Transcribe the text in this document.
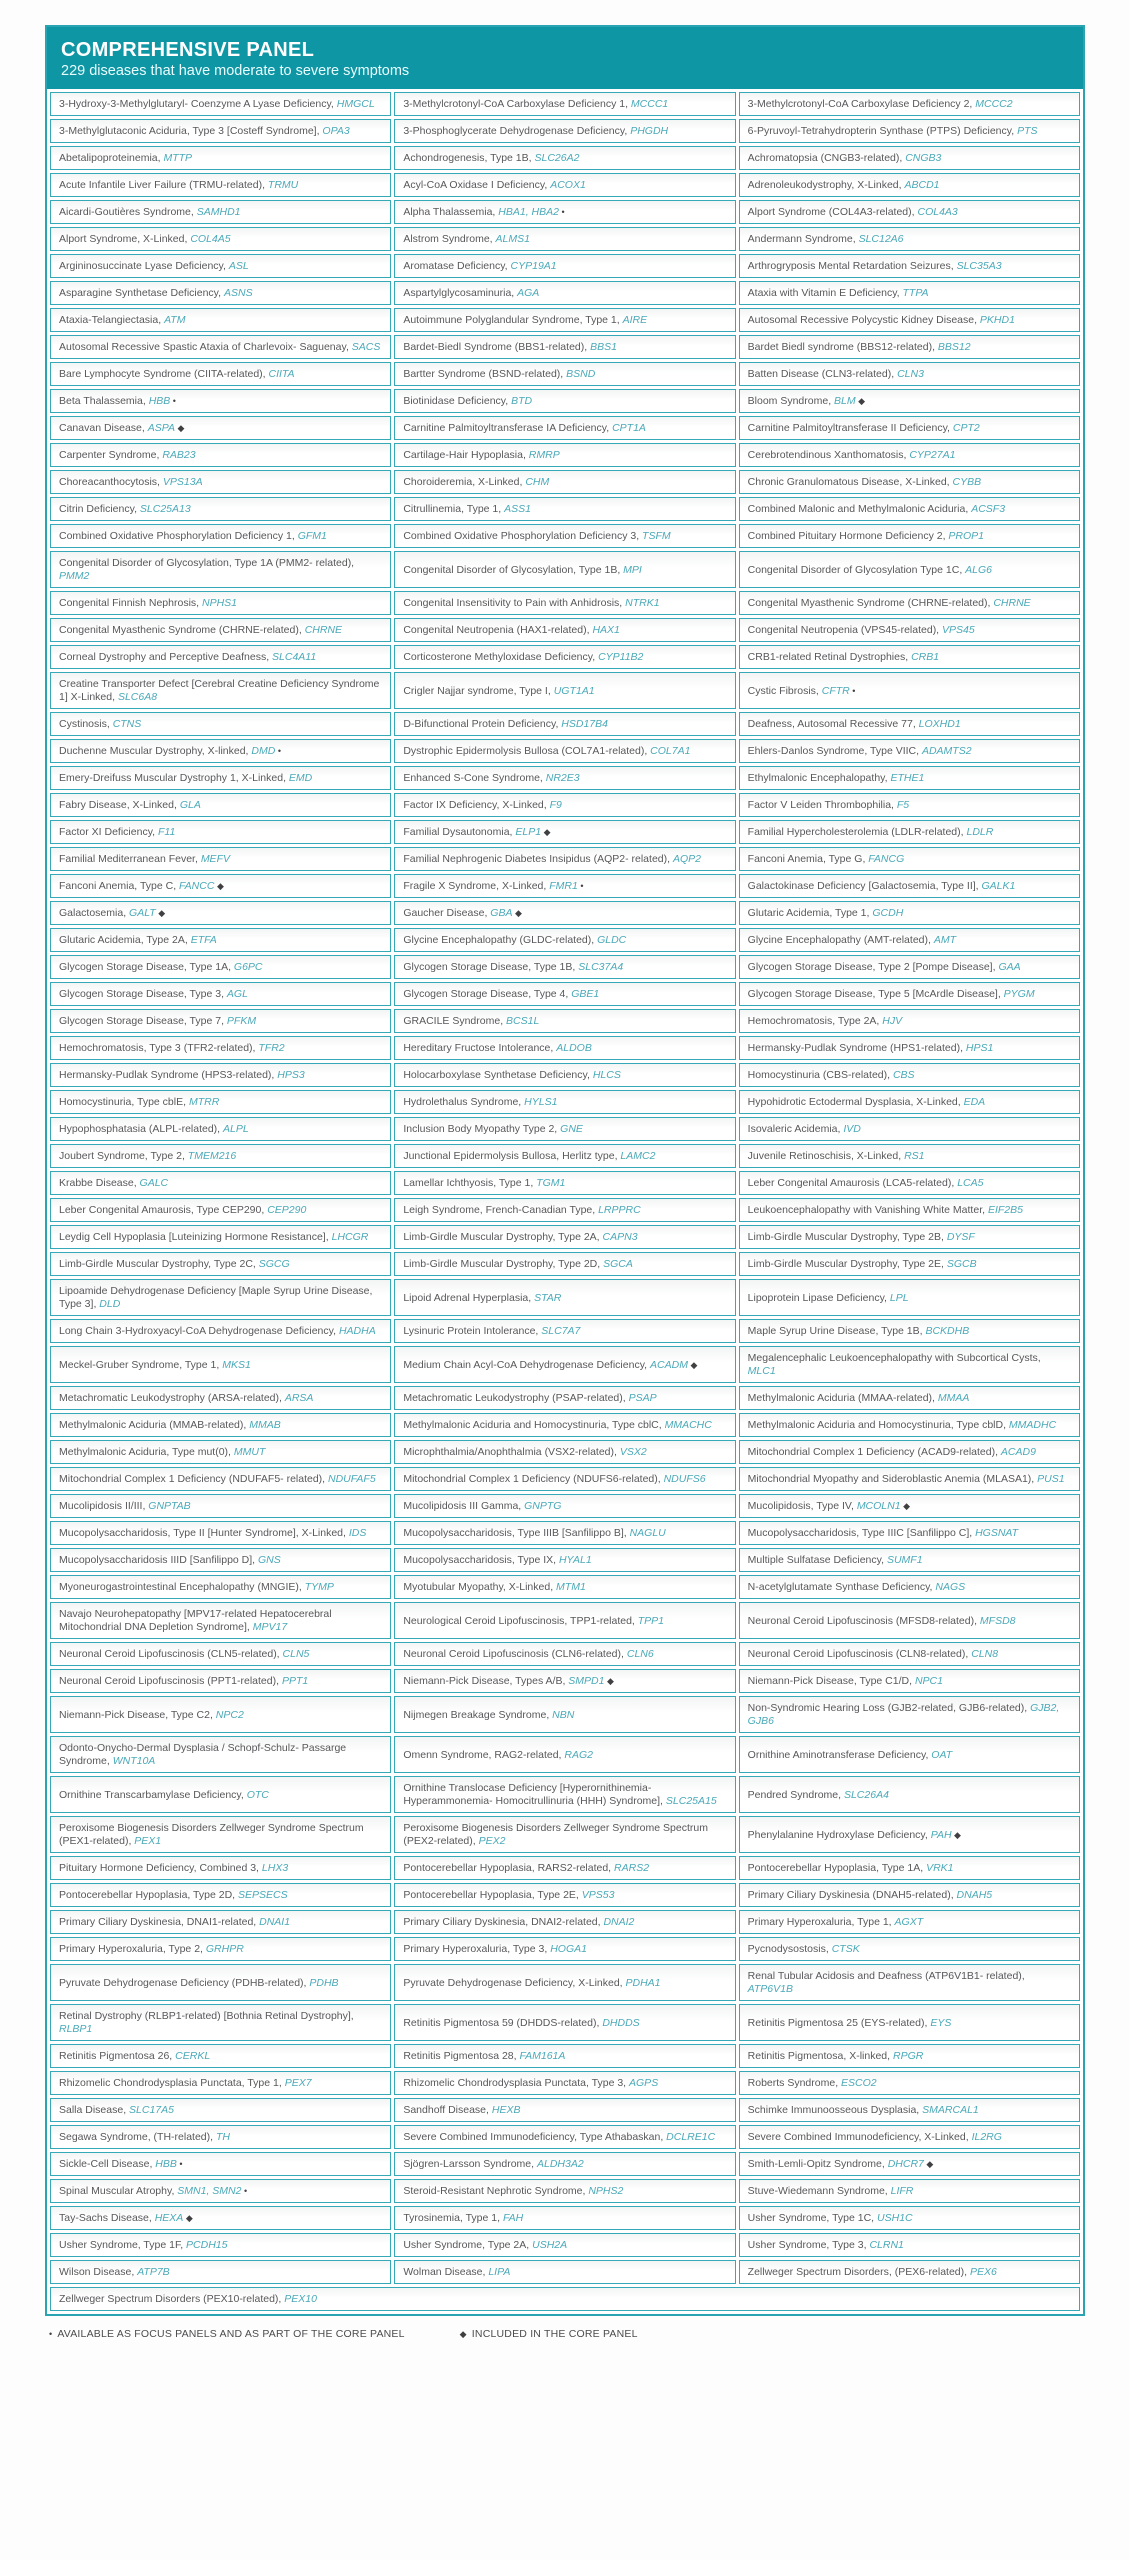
COMPREHENSIVE PANEL
229 diseases that have moderate to severe symptoms
3-Hydroxy-3-Methylglutaryl- Coenzyme A Lyase Deficiency, HMGCL	3-Methylcrotonyl-CoA Carboxylase Deficiency 1, MCCC1	3-Methylcrotonyl-CoA Carboxylase Deficiency 2, MCCC2
3-Methylglutaconic Aciduria, Type 3 [Costeff Syndrome], OPA3	3-Phosphoglycerate Dehydrogenase Deficiency, PHGDH	6-Pyruvoyl-Tetrahydropterin Synthase (PTPS) Deficiency, PTS
Abetalipoproteinemia, MTTP	Achondrogenesis, Type 1B, SLC26A2	Achromatopsia (CNGB3-related), CNGB3
Acute Infantile Liver Failure (TRMU-related), TRMU	Acyl-CoA Oxidase I Deficiency, ACOX1	Adrenoleukodystrophy, X-Linked, ABCD1
Aicardi-Goutières Syndrome, SAMHD1	Alpha Thalassemia, HBA1, HBA2 •	Alport Syndrome (COL4A3-related), COL4A3
Alport Syndrome, X-Linked, COL4A5	Alstrom Syndrome, ALMS1	Andermann Syndrome, SLC12A6
Argininosuccinate Lyase Deficiency, ASL	Aromatase Deficiency, CYP19A1	Arthrogryposis Mental Retardation Seizures, SLC35A3
Asparagine Synthetase Deficiency, ASNS	Aspartylglycosaminuria, AGA	Ataxia with Vitamin E Deficiency, TTPA
Ataxia-Telangiectasia, ATM	Autoimmune Polyglandular Syndrome, Type 1, AIRE	Autosomal Recessive Polycystic Kidney Disease, PKHD1
Autosomal Recessive Spastic Ataxia of Charlevoix- Saguenay, SACS	Bardet-Biedl Syndrome (BBS1-related), BBS1	Bardet Biedl syndrome (BBS12-related), BBS12
Bare Lymphocyte Syndrome (CIITA-related), CIITA	Bartter Syndrome (BSND-related), BSND	Batten Disease (CLN3-related), CLN3
Beta Thalassemia, HBB •	Biotinidase Deficiency, BTD	Bloom Syndrome, BLM ◆
Canavan Disease, ASPA ◆	Carnitine Palmitoyltransferase IA Deficiency, CPT1A	Carnitine Palmitoyltransferase II Deficiency, CPT2
Carpenter Syndrome, RAB23	Cartilage-Hair Hypoplasia, RMRP	Cerebrotendinous Xanthomatosis, CYP27A1
Choreacanthocytosis, VPS13A	Choroideremia, X-Linked, CHM	Chronic Granulomatous Disease, X-Linked, CYBB
Citrin Deficiency, SLC25A13	Citrullinemia, Type 1, ASS1	Combined Malonic and Methylmalonic Aciduria, ACSF3
Combined Oxidative Phosphorylation Deficiency 1, GFM1	Combined Oxidative Phosphorylation Deficiency 3, TSFM	Combined Pituitary Hormone Deficiency 2, PROP1
Congenital Disorder of Glycosylation, Type 1A (PMM2- related), PMM2	Congenital Disorder of Glycosylation, Type 1B, MPI	Congenital Disorder of Glycosylation Type 1C, ALG6
Congenital Finnish Nephrosis, NPHS1	Congenital Insensitivity to Pain with Anhidrosis, NTRK1	Congenital Myasthenic Syndrome (CHRNE-related), CHRNE
Congenital Myasthenic Syndrome (CHRNE-related), CHRNE	Congenital Neutropenia (HAX1-related), HAX1	Congenital Neutropenia (VPS45-related), VPS45
Corneal Dystrophy and Perceptive Deafness, SLC4A11	Corticosterone Methyloxidase Deficiency, CYP11B2	CRB1-related Retinal Dystrophies, CRB1
Creatine Transporter Defect [Cerebral Creatine Deficiency Syndrome 1] X-Linked, SLC6A8	Crigler Najjar syndrome, Type I, UGT1A1	Cystic Fibrosis, CFTR •
Cystinosis, CTNS	D-Bifunctional Protein Deficiency, HSD17B4	Deafness, Autosomal Recessive 77, LOXHD1
Duchenne Muscular Dystrophy, X-linked, DMD •	Dystrophic Epidermolysis Bullosa (COL7A1-related), COL7A1	Ehlers-Danlos Syndrome, Type VIIC, ADAMTS2
Emery-Dreifuss Muscular Dystrophy 1, X-Linked, EMD	Enhanced S-Cone Syndrome, NR2E3	Ethylmalonic Encephalopathy, ETHE1
Fabry Disease, X-Linked, GLA	Factor IX Deficiency, X-Linked, F9	Factor V Leiden Thrombophilia, F5
Factor XI Deficiency, F11	Familial Dysautonomia, ELP1 ◆	Familial Hypercholesterolemia (LDLR-related), LDLR
Familial Mediterranean Fever, MEFV	Familial Nephrogenic Diabetes Insipidus (AQP2- related), AQP2	Fanconi Anemia, Type G, FANCG
Fanconi Anemia, Type C, FANCC ◆	Fragile X Syndrome, X-Linked, FMR1 •	Galactokinase Deficiency [Galactosemia, Type II], GALK1
Galactosemia, GALT ◆	Gaucher Disease, GBA ◆	Glutaric Acidemia, Type 1, GCDH
Glutaric Acidemia, Type 2A, ETFA	Glycine Encephalopathy (GLDC-related), GLDC	Glycine Encephalopathy (AMT-related), AMT
Glycogen Storage Disease, Type 1A, G6PC	Glycogen Storage Disease, Type 1B, SLC37A4	Glycogen Storage Disease, Type 2 [Pompe Disease], GAA
Glycogen Storage Disease, Type 3, AGL	Glycogen Storage Disease, Type 4, GBE1	Glycogen Storage Disease, Type 5 [McArdle Disease], PYGM
Glycogen Storage Disease, Type 7, PFKM	GRACILE Syndrome, BCS1L	Hemochromatosis, Type 2A, HJV
Hemochromatosis, Type 3 (TFR2-related), TFR2	Hereditary Fructose Intolerance, ALDOB	Hermansky-Pudlak Syndrome (HPS1-related), HPS1
Hermansky-Pudlak Syndrome (HPS3-related), HPS3	Holocarboxylase Synthetase Deficiency, HLCS	Homocystinuria (CBS-related), CBS
Homocystinuria, Type cblE, MTRR	Hydrolethalus Syndrome, HYLS1	Hypohidrotic Ectodermal Dysplasia, X-Linked, EDA
Hypophosphatasia (ALPL-related), ALPL	Inclusion Body Myopathy Type 2, GNE	Isovaleric Acidemia, IVD
Joubert Syndrome, Type 2, TMEM216	Junctional Epidermolysis Bullosa, Herlitz type, LAMC2	Juvenile Retinoschisis, X-Linked, RS1
Krabbe Disease, GALC	Lamellar Ichthyosis, Type 1, TGM1	Leber Congenital Amaurosis (LCA5-related), LCA5
Leber Congenital Amaurosis, Type CEP290, CEP290	Leigh Syndrome, French-Canadian Type, LRPPRC	Leukoencephalopathy with Vanishing White Matter, EIF2B5
Leydig Cell Hypoplasia [Luteinizing Hormone Resistance], LHCGR	Limb-Girdle Muscular Dystrophy, Type 2A, CAPN3	Limb-Girdle Muscular Dystrophy, Type 2B, DYSF
Limb-Girdle Muscular Dystrophy, Type 2C, SGCG	Limb-Girdle Muscular Dystrophy, Type 2D, SGCA	Limb-Girdle Muscular Dystrophy, Type 2E, SGCB
Lipoamide Dehydrogenase Deficiency [Maple Syrup Urine Disease, Type 3], DLD	Lipoid Adrenal Hyperplasia, STAR	Lipoprotein Lipase Deficiency, LPL
Long Chain 3-Hydroxyacyl-CoA Dehydrogenase Deficiency, HADHA	Lysinuric Protein Intolerance, SLC7A7	Maple Syrup Urine Disease, Type 1B, BCKDHB
Meckel-Gruber Syndrome, Type 1, MKS1	Medium Chain Acyl-CoA Dehydrogenase Deficiency, ACADM ◆	Megalencephalic Leukoencephalopathy with Subcortical Cysts, MLC1
Metachromatic Leukodystrophy (ARSA-related), ARSA	Metachromatic Leukodystrophy (PSAP-related), PSAP	Methylmalonic Aciduria (MMAA-related), MMAA
Methylmalonic Aciduria (MMAB-related), MMAB	Methylmalonic Aciduria and Homocystinuria, Type cblC, MMACHC	Methylmalonic Aciduria and Homocystinuria, Type cblD, MMADHC
Methylmalonic Aciduria, Type mut(0), MMUT	Microphthalmia/Anophthalmia (VSX2-related), VSX2	Mitochondrial Complex 1 Deficiency (ACAD9-related), ACAD9
Mitochondrial Complex 1 Deficiency (NDUFAF5- related), NDUFAF5	Mitochondrial Complex 1 Deficiency (NDUFS6-related), NDUFS6	Mitochondrial Myopathy and Sideroblastic Anemia (MLASA1), PUS1
Mucolipidosis II/III, GNPTAB	Mucolipidosis III Gamma, GNPTG	Mucolipidosis, Type IV, MCOLN1 ◆
Mucopolysaccharidosis, Type II [Hunter Syndrome], X-Linked, IDS	Mucopolysaccharidosis, Type IIIB [Sanfilippo B], NAGLU	Mucopolysaccharidosis, Type IIIC [Sanfilippo C], HGSNAT
Mucopolysaccharidosis IIID [Sanfilippo D], GNS	Mucopolysaccharidosis, Type IX, HYAL1	Multiple Sulfatase Deficiency, SUMF1
Myoneurogastrointestinal Encephalopathy (MNGIE), TYMP	Myotubular Myopathy, X-Linked, MTM1	N-acetylglutamate Synthase Deficiency, NAGS
Navajo Neurohepatopathy [MPV17-related Hepatocerebral Mitochondrial DNA Depletion Syndrome], MPV17	Neurological Ceroid Lipofuscinosis, TPP1-related, TPP1	Neuronal Ceroid Lipofuscinosis (MFSD8-related), MFSD8
Neuronal Ceroid Lipofuscinosis (CLN5-related), CLN5	Neuronal Ceroid Lipofuscinosis (CLN6-related), CLN6	Neuronal Ceroid Lipofuscinosis (CLN8-related), CLN8
Neuronal Ceroid Lipofuscinosis (PPT1-related), PPT1	Niemann-Pick Disease, Types A/B, SMPD1 ◆	Niemann-Pick Disease, Type C1/D, NPC1
Niemann-Pick Disease, Type C2, NPC2	Nijmegen Breakage Syndrome, NBN	Non-Syndromic Hearing Loss (GJB2-related, GJB6-related), GJB2, GJB6
Odonto-Onycho-Dermal Dysplasia / Schopf-Schulz- Passarge Syndrome, WNT10A	Omenn Syndrome, RAG2-related, RAG2	Ornithine Aminotransferase Deficiency, OAT
Ornithine Transcarbamylase Deficiency, OTC	Ornithine Translocase Deficiency [Hyperornithinemia-Hyperammonemia- Homocitrullinuria (HHH) Syndrome], SLC25A15	Pendred Syndrome, SLC26A4
Peroxisome Biogenesis Disorders Zellweger Syndrome Spectrum (PEX1-related), PEX1	Peroxisome Biogenesis Disorders Zellweger Syndrome Spectrum (PEX2-related), PEX2	Phenylalanine Hydroxylase Deficiency, PAH ◆
Pituitary Hormone Deficiency, Combined 3, LHX3	Pontocerebellar Hypoplasia, RARS2-related, RARS2	Pontocerebellar Hypoplasia, Type 1A, VRK1
Pontocerebellar Hypoplasia, Type 2D, SEPSECS	Pontocerebellar Hypoplasia, Type 2E, VPS53	Primary Ciliary Dyskinesia (DNAH5-related), DNAH5
Primary Ciliary Dyskinesia, DNAI1-related, DNAI1	Primary Ciliary Dyskinesia, DNAI2-related, DNAI2	Primary Hyperoxaluria, Type 1, AGXT
Primary Hyperoxaluria, Type 2, GRHPR	Primary Hyperoxaluria, Type 3, HOGA1	Pycnodysostosis, CTSK
Pyruvate Dehydrogenase Deficiency (PDHB-related), PDHB	Pyruvate Dehydrogenase Deficiency, X-Linked, PDHA1	Renal Tubular Acidosis and Deafness (ATP6V1B1- related), ATP6V1B
Retinal Dystrophy (RLBP1-related) [Bothnia Retinal Dystrophy], RLBP1	Retinitis Pigmentosa 59 (DHDDS-related), DHDDS	Retinitis Pigmentosa 25 (EYS-related), EYS
Retinitis Pigmentosa 26, CERKL	Retinitis Pigmentosa 28, FAM161A	Retinitis Pigmentosa, X-linked, RPGR
Rhizomelic Chondrodysplasia Punctata, Type 1, PEX7	Rhizomelic Chondrodysplasia Punctata, Type 3, AGPS	Roberts Syndrome, ESCO2
Salla Disease, SLC17A5	Sandhoff Disease, HEXB	Schimke Immunoosseous Dysplasia, SMARCAL1
Segawa Syndrome, (TH-related), TH	Severe Combined Immunodeficiency, Type Athabaskan, DCLRE1C	Severe Combined Immunodeficiency, X-Linked, IL2RG
Sickle-Cell Disease, HBB •	Sjögren-Larsson Syndrome, ALDH3A2	Smith-Lemli-Opitz Syndrome, DHCR7 ◆
Spinal Muscular Atrophy, SMN1, SMN2 •	Steroid-Resistant Nephrotic Syndrome, NPHS2	Stuve-Wiedemann Syndrome, LIFR
Tay-Sachs Disease, HEXA ◆	Tyrosinemia, Type 1, FAH	Usher Syndrome, Type 1C, USH1C
Usher Syndrome, Type 1F, PCDH15	Usher Syndrome, Type 2A, USH2A	Usher Syndrome, Type 3, CLRN1
Wilson Disease, ATP7B	Wolman Disease, LIPA	Zellweger Spectrum Disorders, (PEX6-related), PEX6
Zellweger Spectrum Disorders (PEX10-related), PEX10		
• AVAILABLE AS FOCUS PANELS AND AS PART OF THE CORE PANEL	◆ INCLUDED IN THE CORE PANEL
